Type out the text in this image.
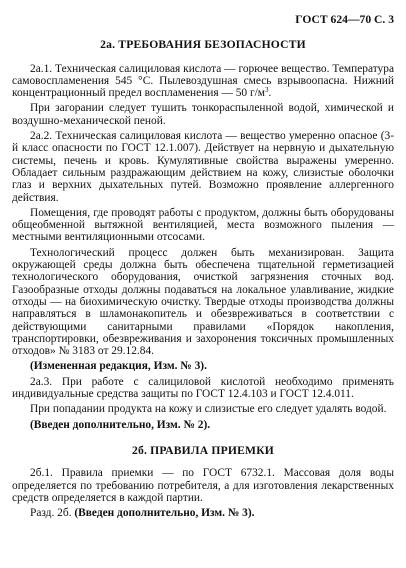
ГОСТ 624—70 С. 3
2а. ТРЕБОВАНИЯ БЕЗОПАСНОСТИ

2а.1. Техническая салициловая кислота — горючее вещество. Температура самовоспламенения 545 °С. Пылевоздушная смесь взрывоопасна. Нижний концентрационный предел воспламенения — 50 $г/м^3$.

При загорании следует тушить тонкораспыленной водой, химической и воздушно-механической пеной.

2а.2. Техническая салициловая кислота — вещество умеренно опасное (3-й класс опасности по ГОСТ 12.1.007). Действует на нервную и дыхательную системы, печень и кровь. Кумулятивные свойства выражены умеренно. Обладает сильным раздражающим действием на кожу, слизистые оболочки глаз и верхних дыхательных путей. Возможно проявление аллергенного действия.

Помещения, где проводят работы с продуктом, должны быть оборудованы общеобменной вытяжной вентиляцией, места возможного пыления — местными вентиляционными отсосами.

Технологический процесс должен быть механизирован. Защита окружающей среды должна быть обеспечена тщательной герметизацией технологического оборудования, очисткой загрязнения сточных вод. Газообразные отходы должны подаваться на локальное улавливание, жидкие отходы — на биохимическую очистку. Твердые отходы производства должны направляться в шламонакопитель и обезвреживаться в соответствии с действующими санитарными правилами «Порядок накопления, транспортировки, обезвреживания и захоронения токсичных промышленных отходов» № 3183 от 29.12.84.

(Измененная редакция, Изм. № 3).

2а.3. При работе с салициловой кислотой необходимо применять индивидуальные средства защиты по ГОСТ 12.4.103 и ГОСТ 12.4.011.

При попадании продукта на кожу и слизистые его следует удалять водой.

(Введен дополнительно, Изм. № 2).

2б. ПРАВИЛА ПРИЕМКИ

2б.1. Правила приемки — по ГОСТ 6732.1. Массовая доля воды определяется по требованию потребителя, а для изготовления лекарственных средств определяется в каждой партии.

Разд. 2б. (Введен дополнительно, Изм. № 3).
